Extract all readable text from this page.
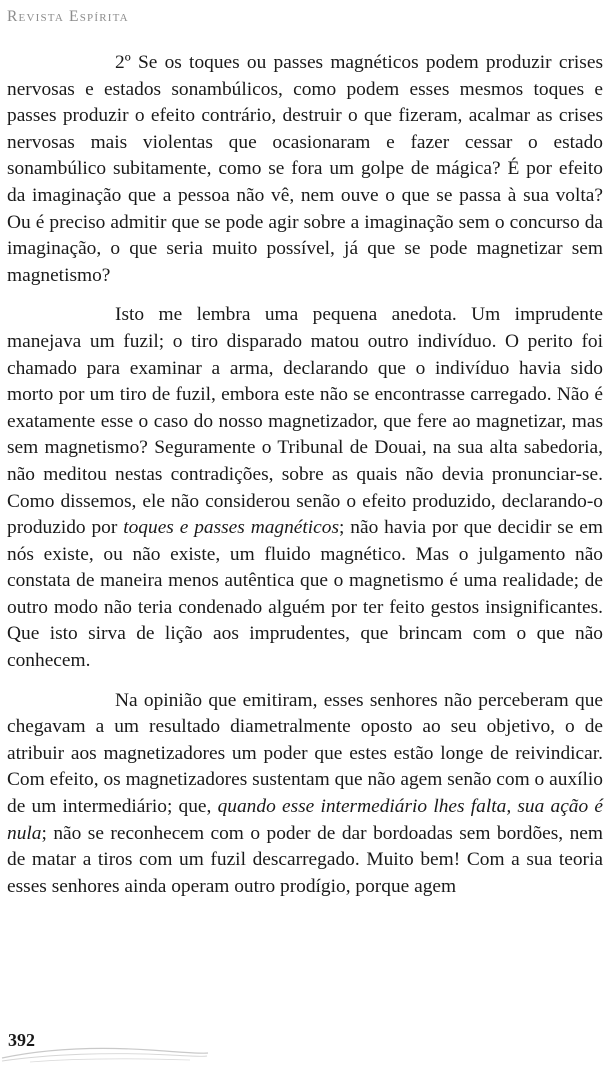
Revista Espírita

2º Se os toques ou passes magnéticos podem produzir crises nervosas e estados sonambúlicos, como podem esses mesmos toques e passes produzir o efeito contrário, destruir o que fizeram, acalmar as crises nervosas mais violentas que ocasionaram e fazer cessar o estado sonambúlico subitamente, como se fora um golpe de mágica? É por efeito da imaginação que a pessoa não vê, nem ouve o que se passa à sua volta? Ou é preciso admitir que se pode agir sobre a imaginação sem o concurso da imaginação, o que seria muito possível, já que se pode magnetizar sem magnetismo?

Isto me lembra uma pequena anedota. Um imprudente manejava um fuzil; o tiro disparado matou outro indivíduo. O perito foi chamado para examinar a arma, declarando que o indivíduo havia sido morto por um tiro de fuzil, embora este não se encontrasse carregado. Não é exatamente esse o caso do nosso magnetizador, que fere ao magnetizar, mas sem magnetismo? Seguramente o Tribunal de Douai, na sua alta sabedoria, não meditou nestas contradições, sobre as quais não devia pronunciar-se. Como dissemos, ele não considerou senão o efeito produzido, declarando-o produzido por toques e passes magnéticos; não havia por que decidir se em nós existe, ou não existe, um fluido magnético. Mas o julgamento não constata de maneira menos autêntica que o magnetismo é uma realidade; de outro modo não teria condenado alguém por ter feito gestos insignificantes. Que isto sirva de lição aos imprudentes, que brincam com o que não conhecem.

Na opinião que emitiram, esses senhores não perceberam que chegavam a um resultado diametralmente oposto ao seu objetivo, o de atribuir aos magnetizadores um poder que estes estão longe de reivindicar. Com efeito, os magnetizadores sustentam que não agem senão com o auxílio de um intermediário; que, quando esse intermediário lhes falta, sua ação é nula; não se reconhecem com o poder de dar bordoadas sem bordões, nem de matar a tiros com um fuzil descarregado. Muito bem! Com a sua teoria esses senhores ainda operam outro prodígio, porque agem

392
